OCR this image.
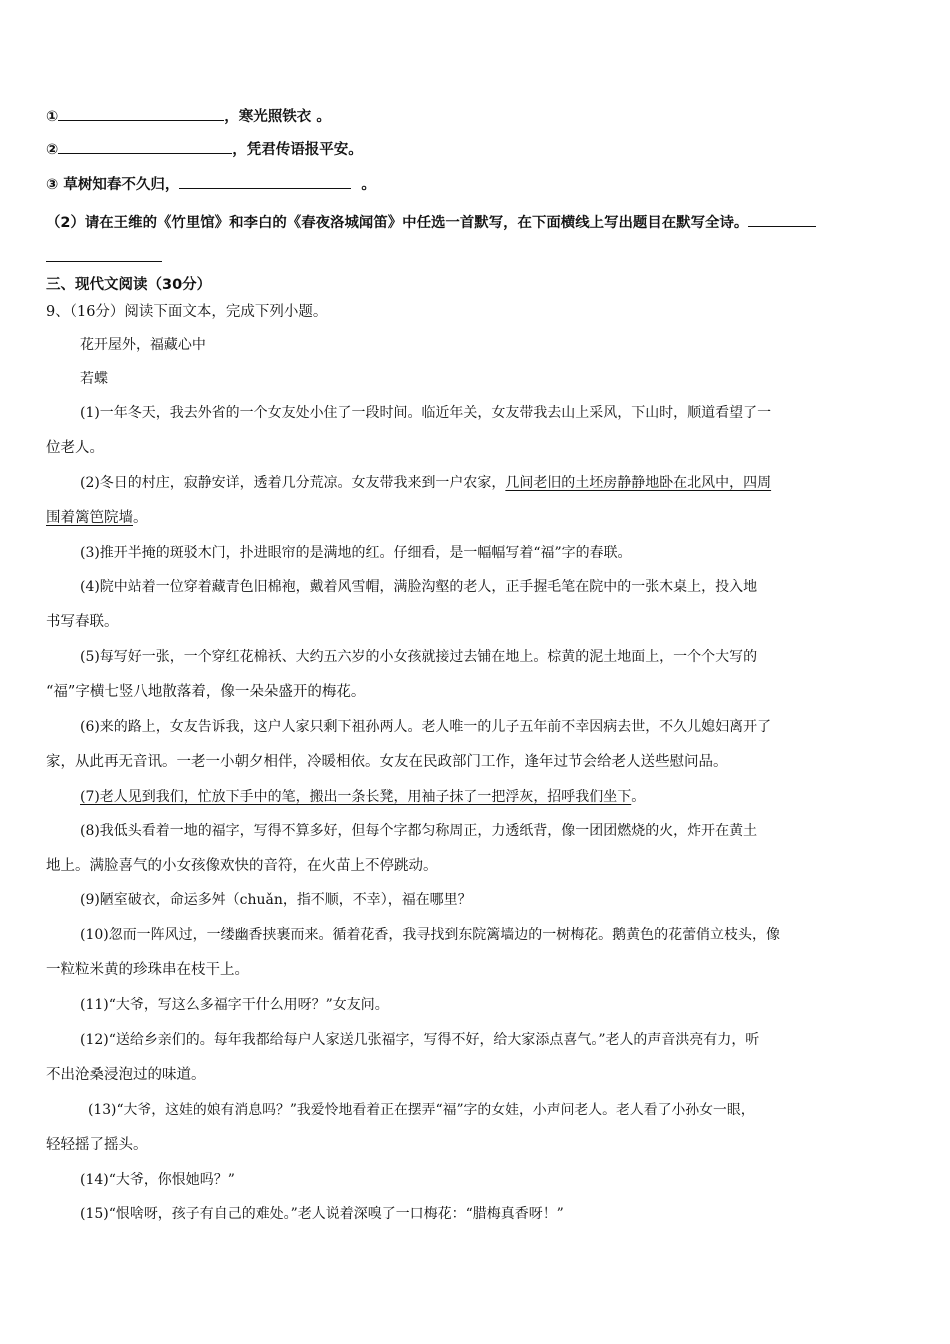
①	，寒光照铁衣 。
②	，凭君传语报平安。
③ 草树知春不久归，	。
（2）请在王维的《竹里馆》和李白的《春夜洛城闻笛》中任选一首默写，在下面横线上写出题目在默写全诗。
三、现代文阅读（30分）
9、（16分）阅读下面文本，完成下列小题。
花开屋外，福藏心中
若蝶
(1)一年冬天，我去外省的一个女友处小住了一段时间。临近年关，女友带我去山上采风，下山时，顺道看望了一
位老人。
(2)冬日的村庄，寂静安详，透着几分荒凉。女友带我来到一户农家，几间老旧的土坯房静静地卧在北风中，四周
围着篱笆院墙。
(3)推开半掩的斑驳木门，扑进眼帘的是满地的红。仔细看，是一幅幅写着“福”字的春联。
(4)院中站着一位穿着藏青色旧棉袍，戴着风雪帽，满脸沟壑的老人，正手握毛笔在院中的一张木桌上，投入地
书写春联。
(5)每写好一张，一个穿红花棉袄、大约五六岁的小女孩就接过去铺在地上。棕黄的泥土地面上，一个个大写的
“福”字横七竖八地散落着，像一朵朵盛开的梅花。
(6)来的路上，女友告诉我，这户人家只剩下祖孙两人。老人唯一的儿子五年前不幸因病去世，不久儿媳妇离开了
家，从此再无音讯。一老一小朝夕相伴，冷暖相依。女友在民政部门工作，逢年过节会给老人送些慰问品。
(7)老人见到我们，忙放下手中的笔，搬出一条长凳，用袖子抹了一把浮灰，招呼我们坐下。
(8)我低头看着一地的福字，写得不算多好，但每个字都匀称周正，力透纸背，像一团团燃烧的火，炸开在黄土
地上。满脸喜气的小女孩像欢快的音符，在火苗上不停跳动。
(9)陋室破衣，命运多舛（chuǎn，指不顺，不幸），福在哪里？
(10)忽而一阵风过，一缕幽香挟裹而来。循着花香，我寻找到东院篱墙边的一树梅花。鹅黄色的花蕾俏立枝头，像
一粒粒米黄的珍珠串在枝干上。
(11)“大爷，写这么多福字干什么用呀？”女友问。
(12)“送给乡亲们的。每年我都给每户人家送几张福字，写得不好，给大家添点喜气。”老人的声音洪亮有力，听
不出沧桑浸泡过的味道。
(13)“大爷，这娃的娘有消息吗？”我爱怜地看着正在摆弄“福”字的女娃，小声问老人。老人看了小孙女一眼，
轻轻摇了摇头。
(14)“大爷，你恨她吗？”
(15)“恨啥呀，孩子有自己的难处。”老人说着深嗅了一口梅花：“腊梅真香呀！”
